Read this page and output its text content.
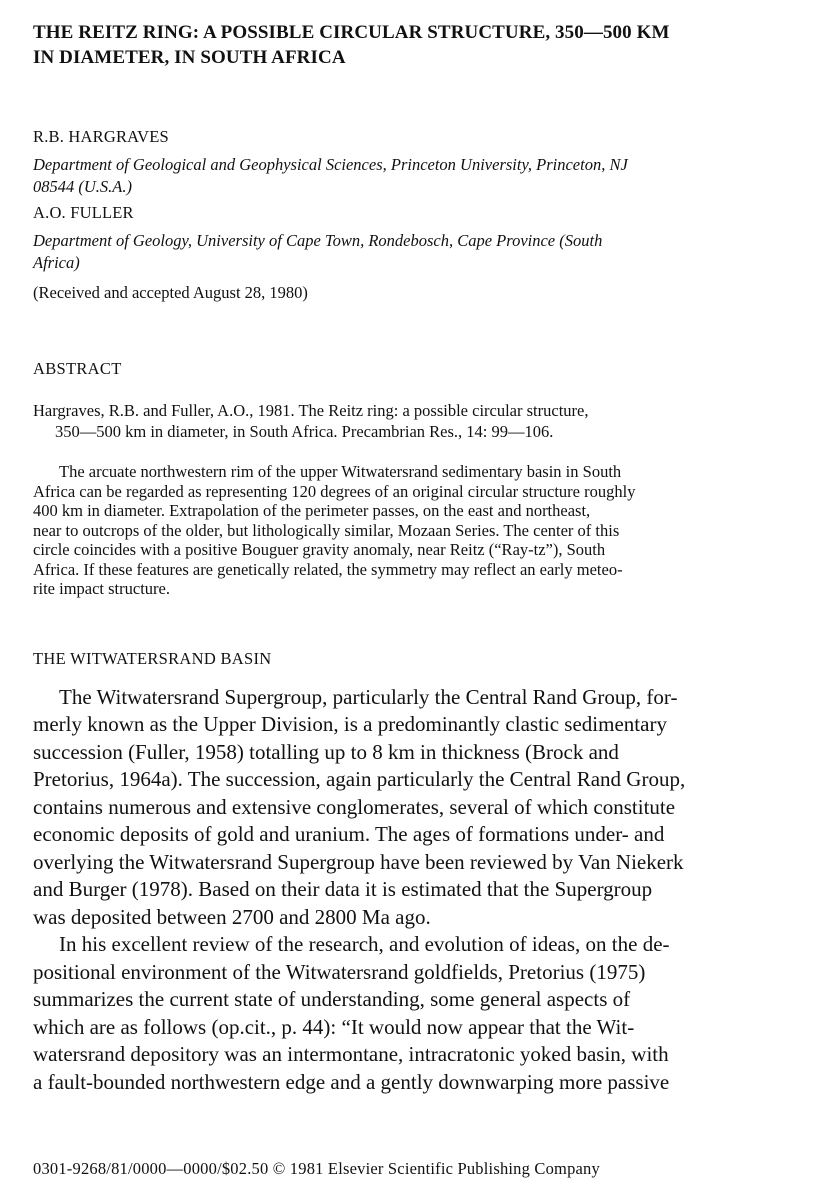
THE REITZ RING: A POSSIBLE CIRCULAR STRUCTURE, 350—500 KM
IN DIAMETER, IN SOUTH AFRICA
R.B. HARGRAVES
Department of Geological and Geophysical Sciences, Princeton University, Princeton, NJ
08544 (U.S.A.)
A.O. FULLER
Department of Geology, University of Cape Town, Rondebosch, Cape Province (South
Africa)
(Received and accepted August 28, 1980)
ABSTRACT
Hargraves, R.B. and Fuller, A.O., 1981. The Reitz ring: a possible circular structure,
350—500 km in diameter, in South Africa. Precambrian Res., 14: 99—106.
The arcuate northwestern rim of the upper Witwatersrand sedimentary basin in South
Africa can be regarded as representing 120 degrees of an original circular structure roughly
400 km in diameter. Extrapolation of the perimeter passes, on the east and northeast,
near to outcrops of the older, but lithologically similar, Mozaan Series. The center of this
circle coincides with a positive Bouguer gravity anomaly, near Reitz (“Ray-tz”), South
Africa. If these features are genetically related, the symmetry may reflect an early meteo-
rite impact structure.
THE WITWATERSRAND BASIN

The Witwatersrand Supergroup, particularly the Central Rand Group, for-
merly known as the Upper Division, is a predominantly clastic sedimentary
succession (Fuller, 1958) totalling up to 8 km in thickness (Brock and
Pretorius, 1964a). The succession, again particularly the Central Rand Group,
contains numerous and extensive conglomerates, several of which constitute
economic deposits of gold and uranium. The ages of formations under- and
overlying the Witwatersrand Supergroup have been reviewed by Van Niekerk
and Burger (1978). Based on their data it is estimated that the Supergroup
was deposited between 2700 and 2800 Ma ago.

In his excellent review of the research, and evolution of ideas, on the de-
positional environment of the Witwatersrand goldfields, Pretorius (1975)
summarizes the current state of understanding, some general aspects of
which are as follows (op.cit., p. 44): “It would now appear that the Wit-
watersrand depository was an intermontane, intracratonic yoked basin, with
a fault-bounded northwestern edge and a gently downwarping more passive

0301-9268/81/0000—0000/$02.50 © 1981 Elsevier Scientific Publishing Company
